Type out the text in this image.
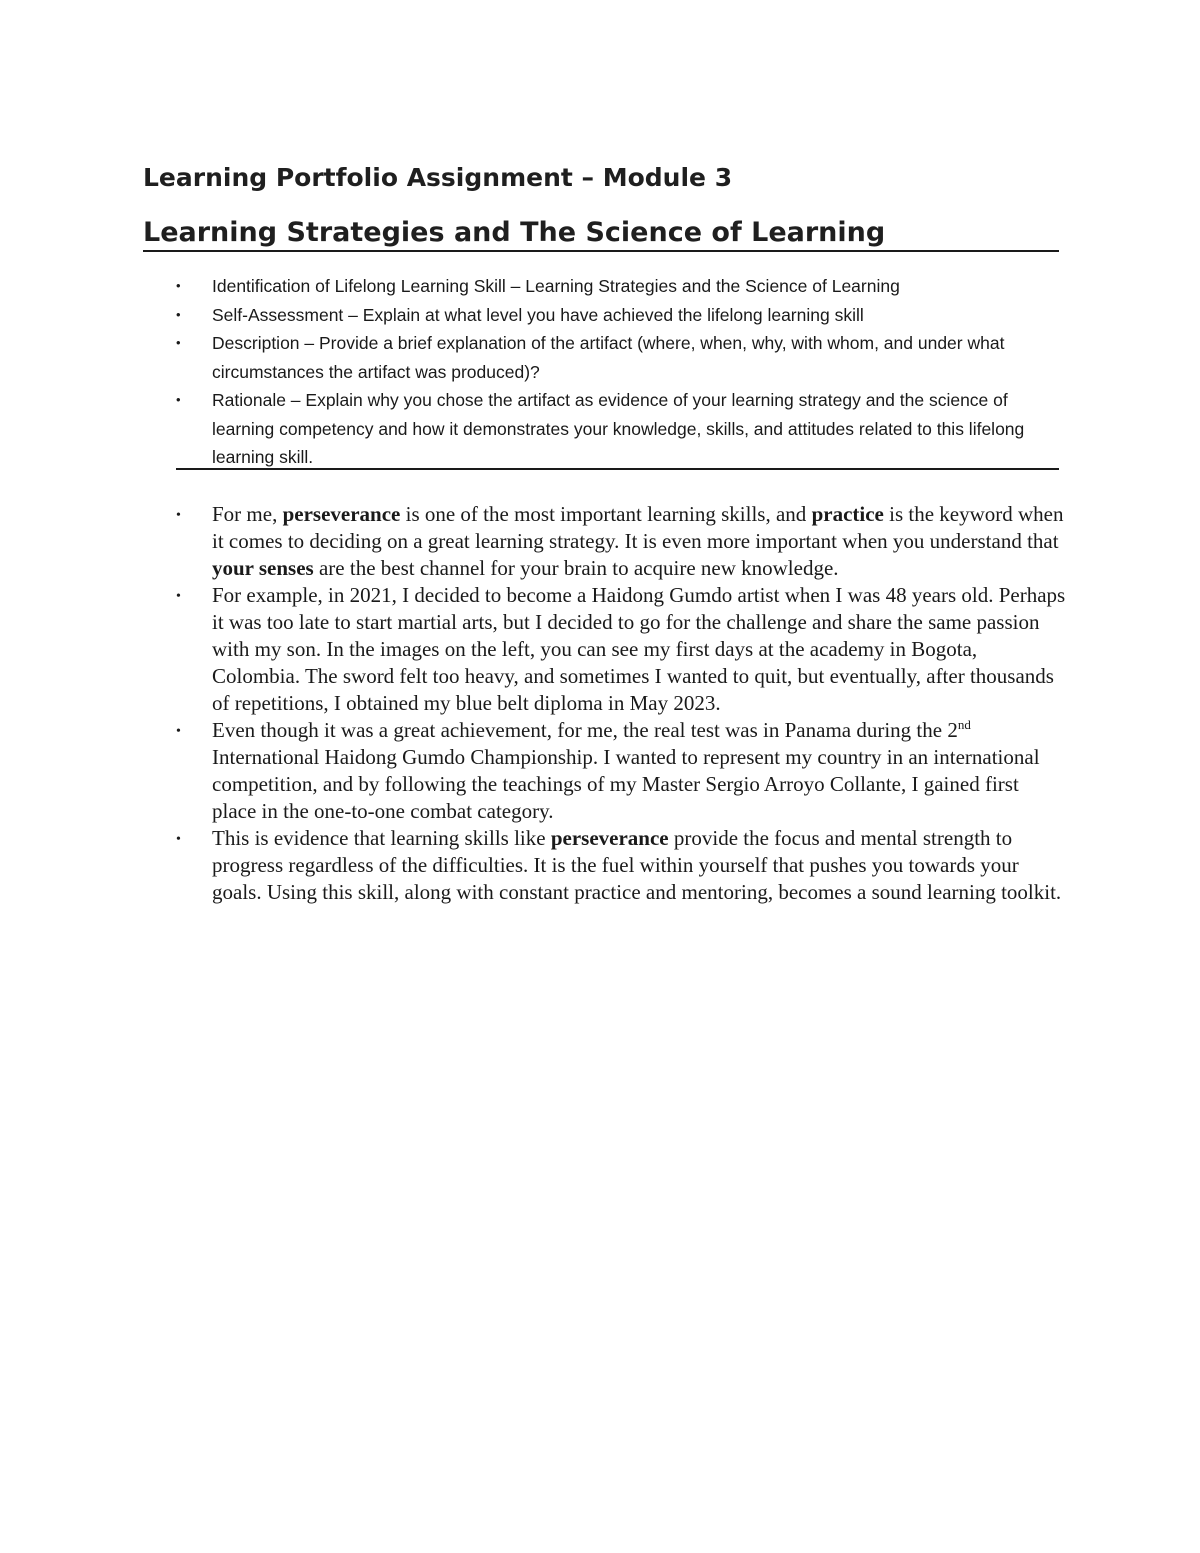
Learning Portfolio Assignment – Module 3
Learning Strategies and The Science of Learning
• Identification of Lifelong Learning Skill – Learning Strategies and the Science of Learning
• Self-Assessment – Explain at what level you have achieved the lifelong learning skill
• Description – Provide a brief explanation of the artifact (where, when, why, with whom, and under what circumstances the artifact was produced)?
• Rationale – Explain why you chose the artifact as evidence of your learning strategy and the science of learning competency and how it demonstrates your knowledge, skills, and attitudes related to this lifelong learning skill.
• For me, perseverance is one of the most important learning skills, and practice is the keyword when it comes to deciding on a great learning strategy. It is even more important when you understand that your senses are the best channel for your brain to acquire new knowledge.
• For example, in 2021, I decided to become a Haidong Gumdo artist when I was 48 years old. Perhaps it was too late to start martial arts, but I decided to go for the challenge and share the same passion with my son. In the images on the left, you can see my first days at the academy in Bogota, Colombia. The sword felt too heavy, and sometimes I wanted to quit, but eventually, after thousands of repetitions, I obtained my blue belt diploma in May 2023.
• Even though it was a great achievement, for me, the real test was in Panama during the 2nd International Haidong Gumdo Championship. I wanted to represent my country in an international competition, and by following the teachings of my Master Sergio Arroyo Collante, I gained first place in the one-to-one combat category.
• This is evidence that learning skills like perseverance provide the focus and mental strength to progress regardless of the difficulties. It is the fuel within yourself that pushes you towards your goals. Using this skill, along with constant practice and mentoring, becomes a sound learning toolkit.
